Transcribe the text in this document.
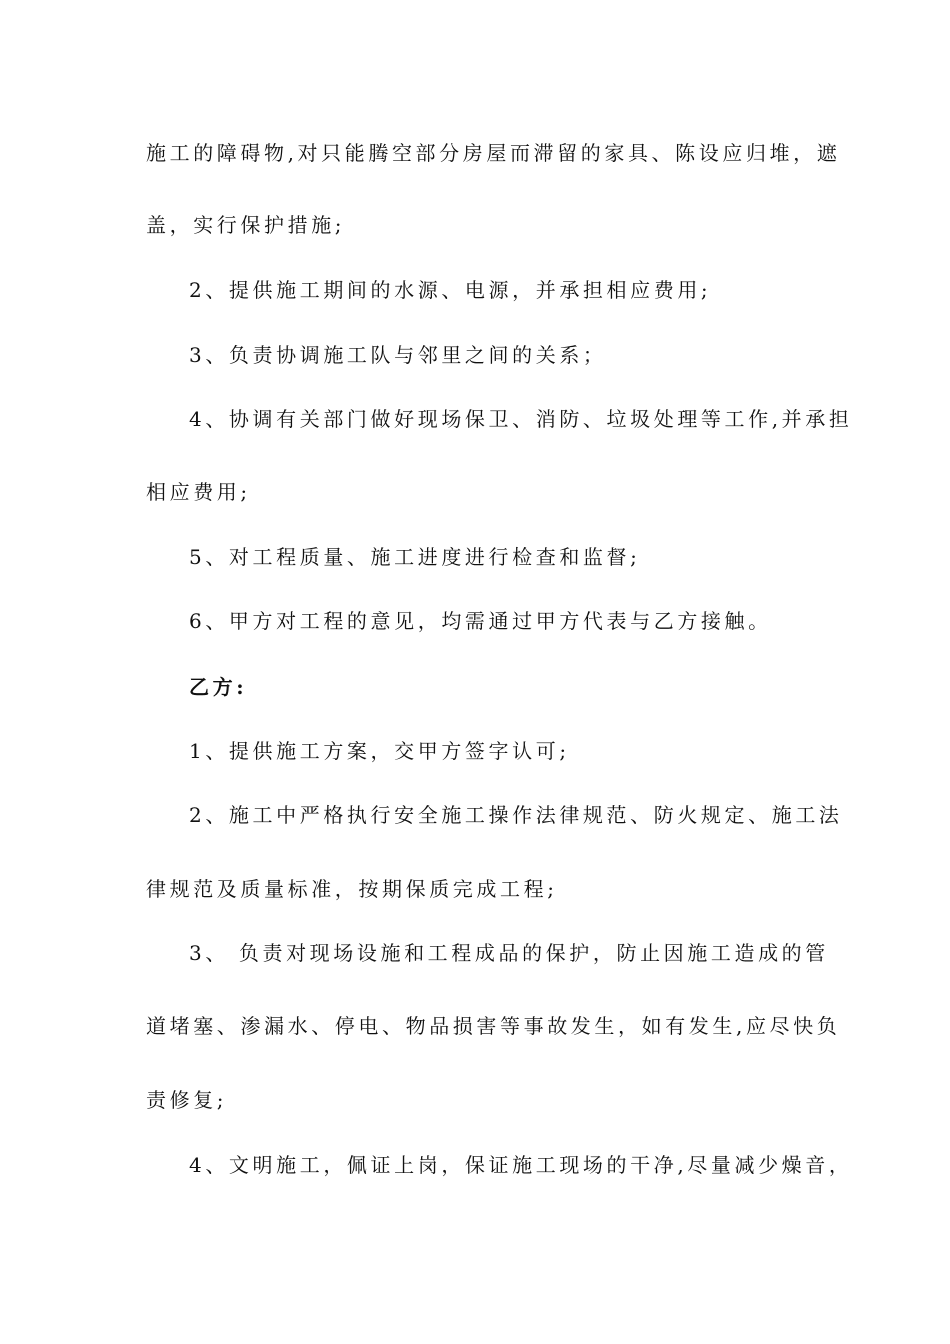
施工的障碍物,对只能腾空部分房屋而滞留的家具、陈设应归堆，遮

盖，实行保护措施;

2、提供施工期间的水源、电源，并承担相应费用;

3、负责协调施工队与邻里之间的关系；

4、协调有关部门做好现场保卫、消防、垃圾处理等工作,并承担

相应费用;

5、对工程质量、施工进度进行检查和监督;

6、甲方对工程的意见，均需通过甲方代表与乙方接触。

乙方:

1、提供施工方案，交甲方签字认可;

2、施工中严格执行安全施工操作法律规范、防火规定、施工法

律规范及质量标准，按期保质完成工程;

3、 负责对现场设施和工程成品的保护，防止因施工造成的管

道堵塞、渗漏水、停电、物品损害等事故发生，如有发生,应尽快负

责修复;

4、文明施工，佩证上岗，保证施工现场的干净,尽量减少燥音，
